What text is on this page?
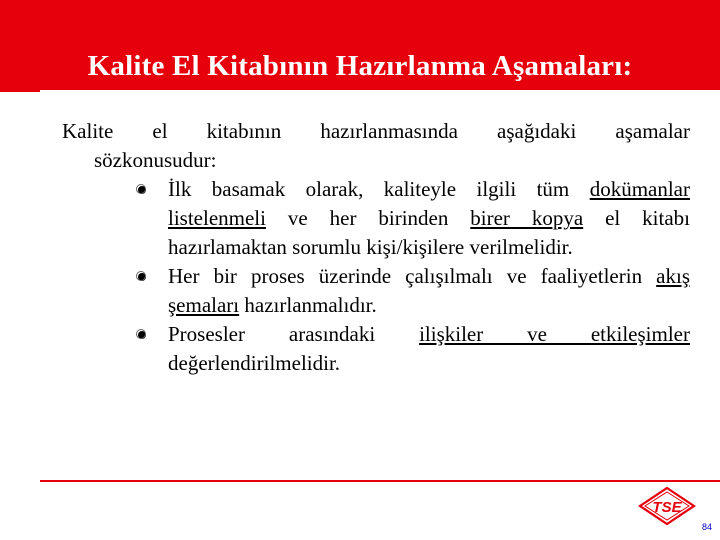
Kalite El Kitabının Hazırlanma Aşamaları:
Kalite el kitabının hazırlanmasında aşağıdaki aşamalar
sözkonusudur:
İlk basamak olarak, kaliteyle ilgili tüm dokümanlar listelenmeli ve her birinden birer kopya el kitabı hazırlamaktan sorumlu kişi/kişilere verilmelidir.
Her bir proses üzerinde çalışılmalı ve faaliyetlerin akış şemaları hazırlanmalıdır.
Prosesler arasındaki ilişkiler ve etkileşimler değerlendirilmelidir.
TSE
84
